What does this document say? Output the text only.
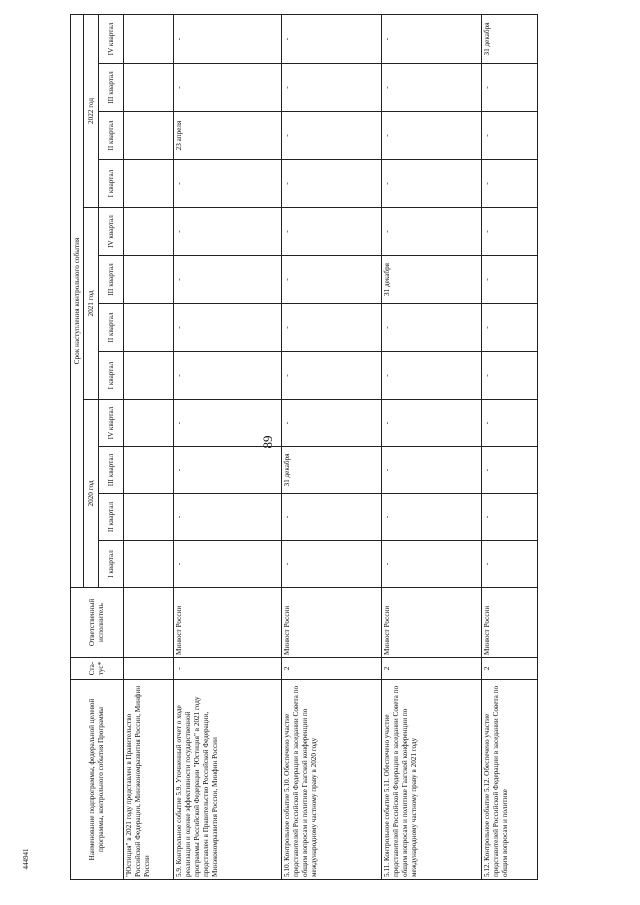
89
444941	Наименование подпрограммы, федеральной целевой программы, контрольного события Программы	Ста- тус*	Ответственный исполнитель	Срок наступления контрольного события											
			2020 год				2021 год				2022 год			
			I квартал	II квартал	III квартал	IV квартал	I квартал	II квартал	III квартал	IV квартал	I квартал	II квартал	III квартал	IV квартал
"Юстиция" в 2021 году представлен в Правительство Российской Федерации, Минэкономразвития России, Минфин России														
5.9. Контрольное событие 5.9. Уточненный отчет о ходе реализации и оценке эффективности государственной программы Российской Федерации "Юстиция" в 2021 году представлен в Правительство Российской Федерации, Минэкономразвития России, Минфин России	-	Минюст России	-	-	-	-	-	-	-	-	-	23 апреля	-	-
5.10. Контрольное событие 5.10. Обеспечено участие представителей Российской Федерации в заседании Совета по общим вопросам и политике Гаагской конференции по международному частному праву в 2020 году	2	Минюст России	-	-	31 декабря	-	-	-	-	-	-	-	-	-
5.11. Контрольное событие 5.11. Обеспечено участие представителей Российской Федерации в заседании Совета по общим вопросам и политике Гаагской конференции по международному частному праву в 2021 году	2	Минюст России	-	-	-	-	-	-	31 декабря	-	-	-	-	-
5.12. Контрольное событие 5.12. Обеспечено участие представителей Российской Федерации в заседании Совета по общим вопросам и политике	2	Минюст России	-	-	-	-	-	-	-	-	-	-	-	31 декабря
